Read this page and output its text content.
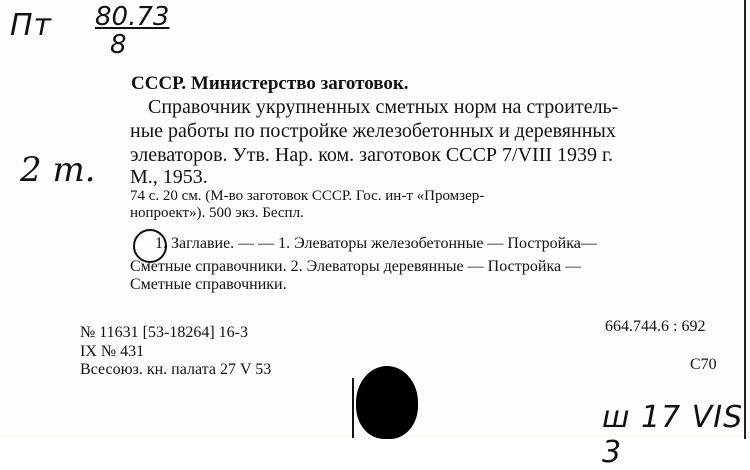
Пт 80.73
8
2 m.
СССР. Министерство заготовок.
Справочник укрупненных сметных норм на строитель-
ные работы по постройке железобетонных и деревянных
элеваторов. Утв. Нар. ком. заготовок СССР 7/VIII 1939 г.
М., 1953.
74 с. 20 см. (М-во заготовок СССР. Гос. ин-т «Промзер-
нопроект»). 500 экз. Беспл.
1. Заглавие. — — 1. Элеваторы железобетонные — Постройка—
Сметные справочники. 2. Элеваторы деревянные — Постройка —
Сметные справочники.
№ 11631 [53-18264] 16-3
IX № 431
Всесоюз. кн. палата 27 V 53
664.744.6 : 692
С70
ш 17 VIS 3
